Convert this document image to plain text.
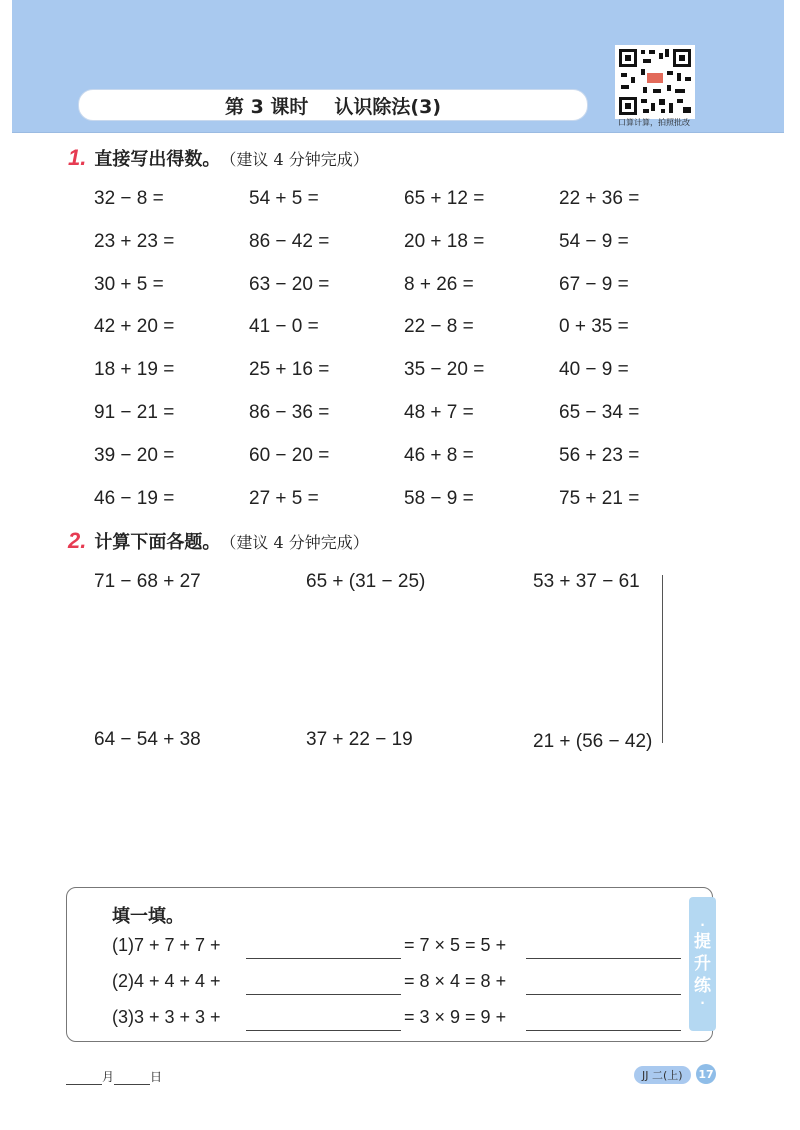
第 3 课时 认识除法(3)
口算计算，拍照批改
1. 直接写出得数。 （建议 4 分钟完成）
32 − 8 =	54 + 5 =	65 + 12 =	22 + 36 =
23 + 23 =	86 − 42 =	20 + 18 =	54 − 9 =
30 + 5 =	63 − 20 =	8 + 26 =	67 − 9 =
42 + 20 =	41 − 0 =	22 − 8 =	0 + 35 =
18 + 19 =	25 + 16 =	35 − 20 =	40 − 9 =
91 − 21 =	86 − 36 =	48 + 7 =	65 − 34 =
39 − 20 =	60 − 20 =	46 + 8 =	56 + 23 =
46 − 19 =	27 + 5 =	58 − 9 =	75 + 21 =
2. 计算下面各题。 （建议 4 分钟完成）
71 − 68 + 27	65 + (31 − 25)	53 + 37 − 61
64 − 54 + 38	37 + 22 − 19	21 + (56 − 42)
填一填。
(1)7 + 7 + 7 +	= 7 × 5 = 5 +
(2)4 + 4 + 4 +	= 8 × 4 = 8 +
(3)3 + 3 + 3 +	= 3 × 9 = 9 +
·
提
升
练
·
月	日	JJ 二(上)	17
